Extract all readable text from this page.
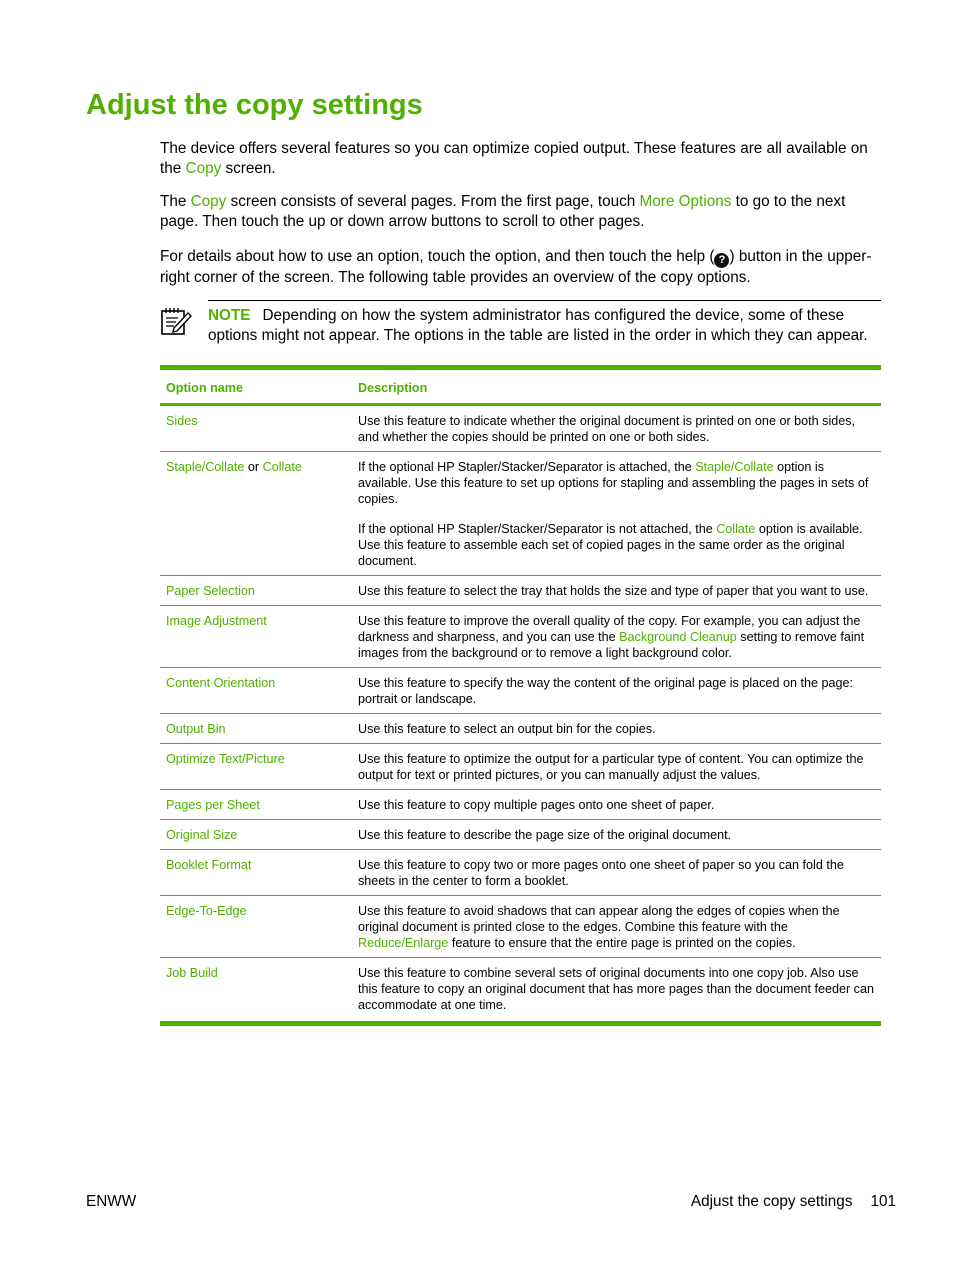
Adjust the copy settings

The device offers several features so you can optimize copied output. These features are all available on the Copy screen.

The Copy screen consists of several pages. From the first page, touch More Options to go to the next page. Then touch the up or down arrow buttons to scroll to other pages.

For details about how to use an option, touch the option, and then touch the help ( ? ) button in the upper-right corner of the screen. The following table provides an overview of the copy options.

NOTE Depending on how the system administrator has configured the device, some of these options might not appear. The options in the table are listed in the order in which they can appear.
Option name	Description
Sides	Use this feature to indicate whether the original document is printed on one or both sides, and whether the copies should be printed on one or both sides.
Staple/Collate or Collate	If the optional HP Stapler/Stacker/Separator is attached, the Staple/Collate option is available. Use this feature to set up options for stapling and assembling the pages in sets of copies.

If the optional HP Stapler/Stacker/Separator is not attached, the Collate option is available. Use this feature to assemble each set of copied pages in the same order as the original document.

Paper Selection	Use this feature to select the tray that holds the size and type of paper that you want to use.
Image Adjustment	Use this feature to improve the overall quality of the copy. For example, you can adjust the darkness and sharpness, and you can use the Background Cleanup setting to remove faint images from the background or to remove a light background color.
Content Orientation	Use this feature to specify the way the content of the original page is placed on the page: portrait or landscape.
Output Bin	Use this feature to select an output bin for the copies.
Optimize Text/Picture	Use this feature to optimize the output for a particular type of content. You can optimize the output for text or printed pictures, or you can manually adjust the values.
Pages per Sheet	Use this feature to copy multiple pages onto one sheet of paper.
Original Size	Use this feature to describe the page size of the original document.
Booklet Format	Use this feature to copy two or more pages onto one sheet of paper so you can fold the sheets in the center to form a booklet.
Edge-To-Edge	Use this feature to avoid shadows that can appear along the edges of copies when the original document is printed close to the edges. Combine this feature with the Reduce/Enlarge feature to ensure that the entire page is printed on the copies.
Job Build	Use this feature to combine several sets of original documents into one copy job. Also use this feature to copy an original document that has more pages than the document feeder can accommodate at one time.
ENWW	Adjust the copy settings 101
